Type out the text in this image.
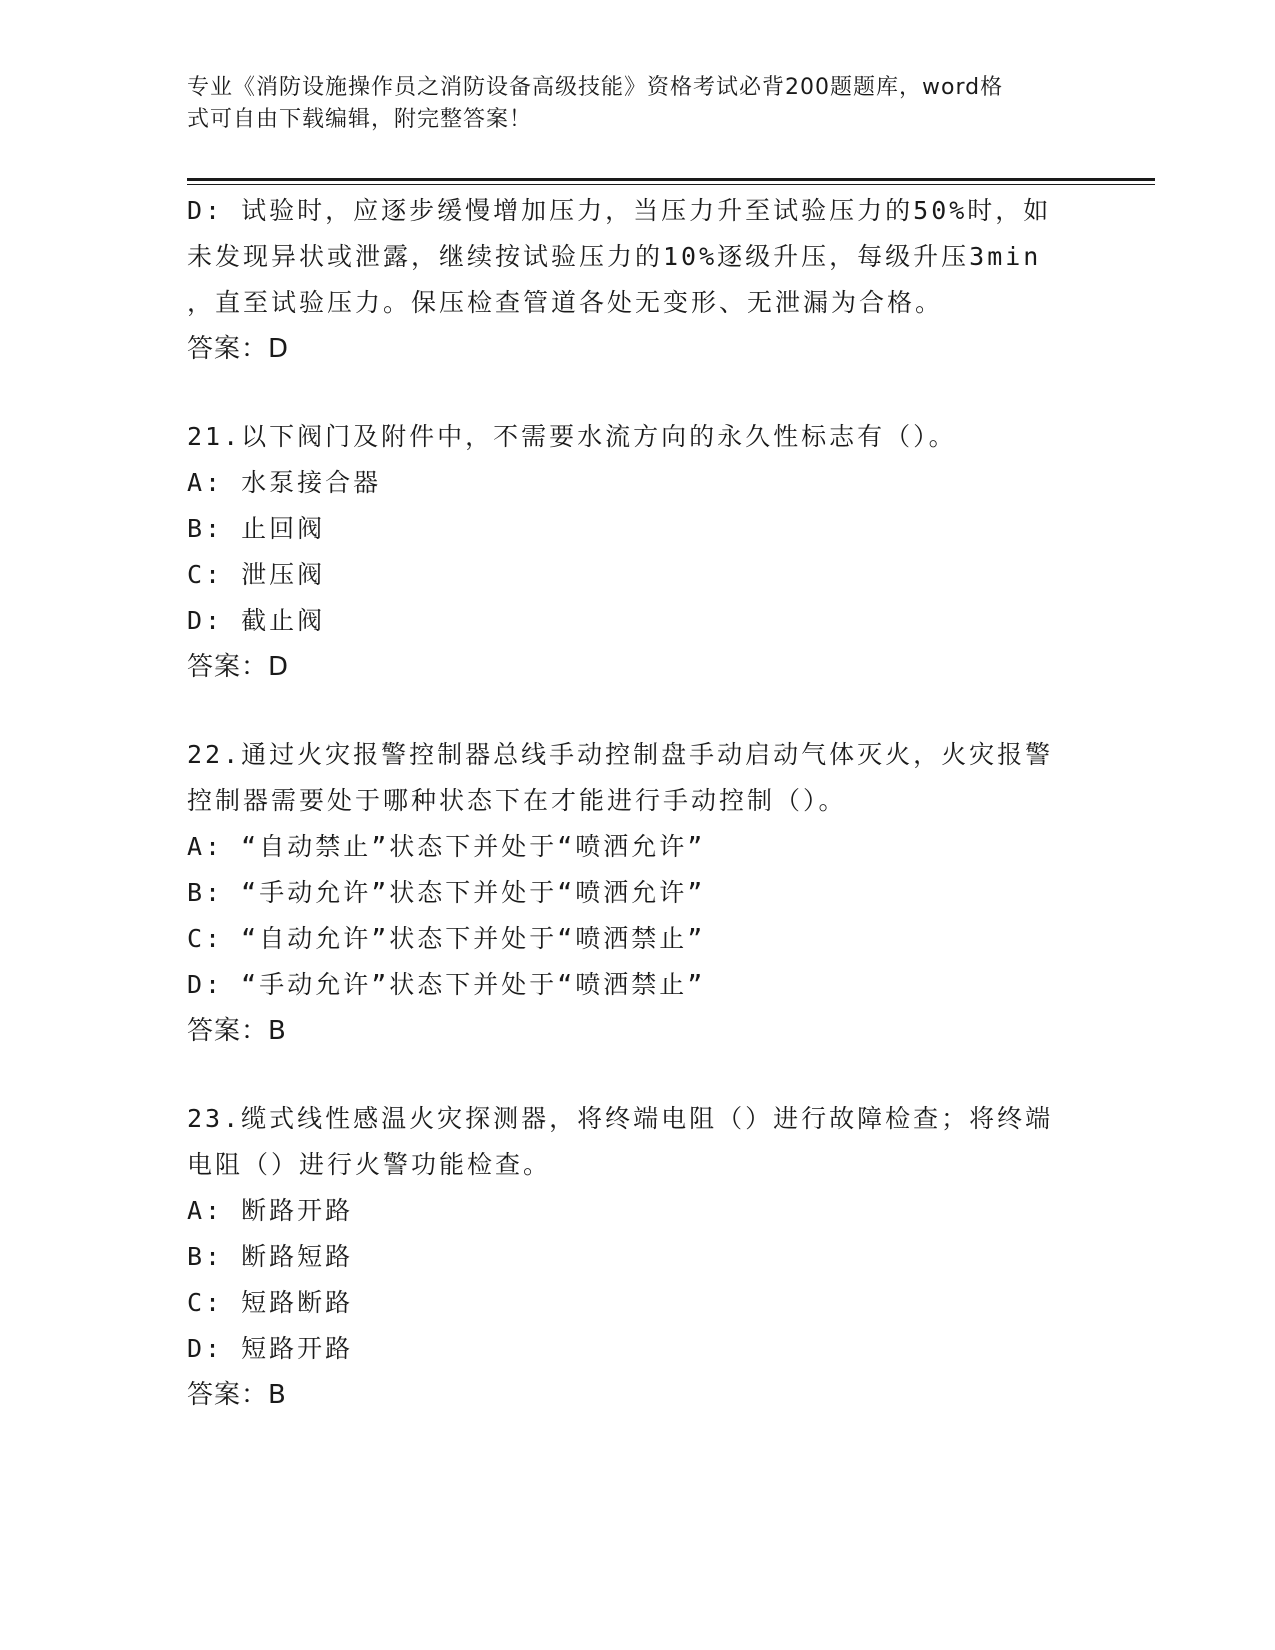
专业《消防设施操作员之消防设备高级技能》资格考试必背200题题库，word格
式可自由下载编辑，附完整答案！
D: 试验时，应逐步缓慢增加压力，当压力升至试验压力的50%时，如
未发现异状或泄露，继续按试验压力的10%逐级升压，每级升压3min
，直至试验压力。保压检查管道各处无变形、无泄漏为合格。
答案：D
21.以下阀门及附件中，不需要水流方向的永久性标志有（）。
A: 水泵接合器
B: 止回阀
C: 泄压阀
D: 截止阀
答案：D
22.通过火灾报警控制器总线手动控制盘手动启动气体灭火，火灾报警
控制器需要处于哪种状态下在才能进行手动控制（）。
A: “自动禁止”状态下并处于“喷洒允许”
B: “手动允许”状态下并处于“喷洒允许”
C: “自动允许”状态下并处于“喷洒禁止”
D: “手动允许”状态下并处于“喷洒禁止”
答案：B
23.缆式线性感温火灾探测器，将终端电阻（）进行故障检查；将终端
电阻（）进行火警功能检查。
A: 断路开路
B: 断路短路
C: 短路断路
D: 短路开路
答案：B
